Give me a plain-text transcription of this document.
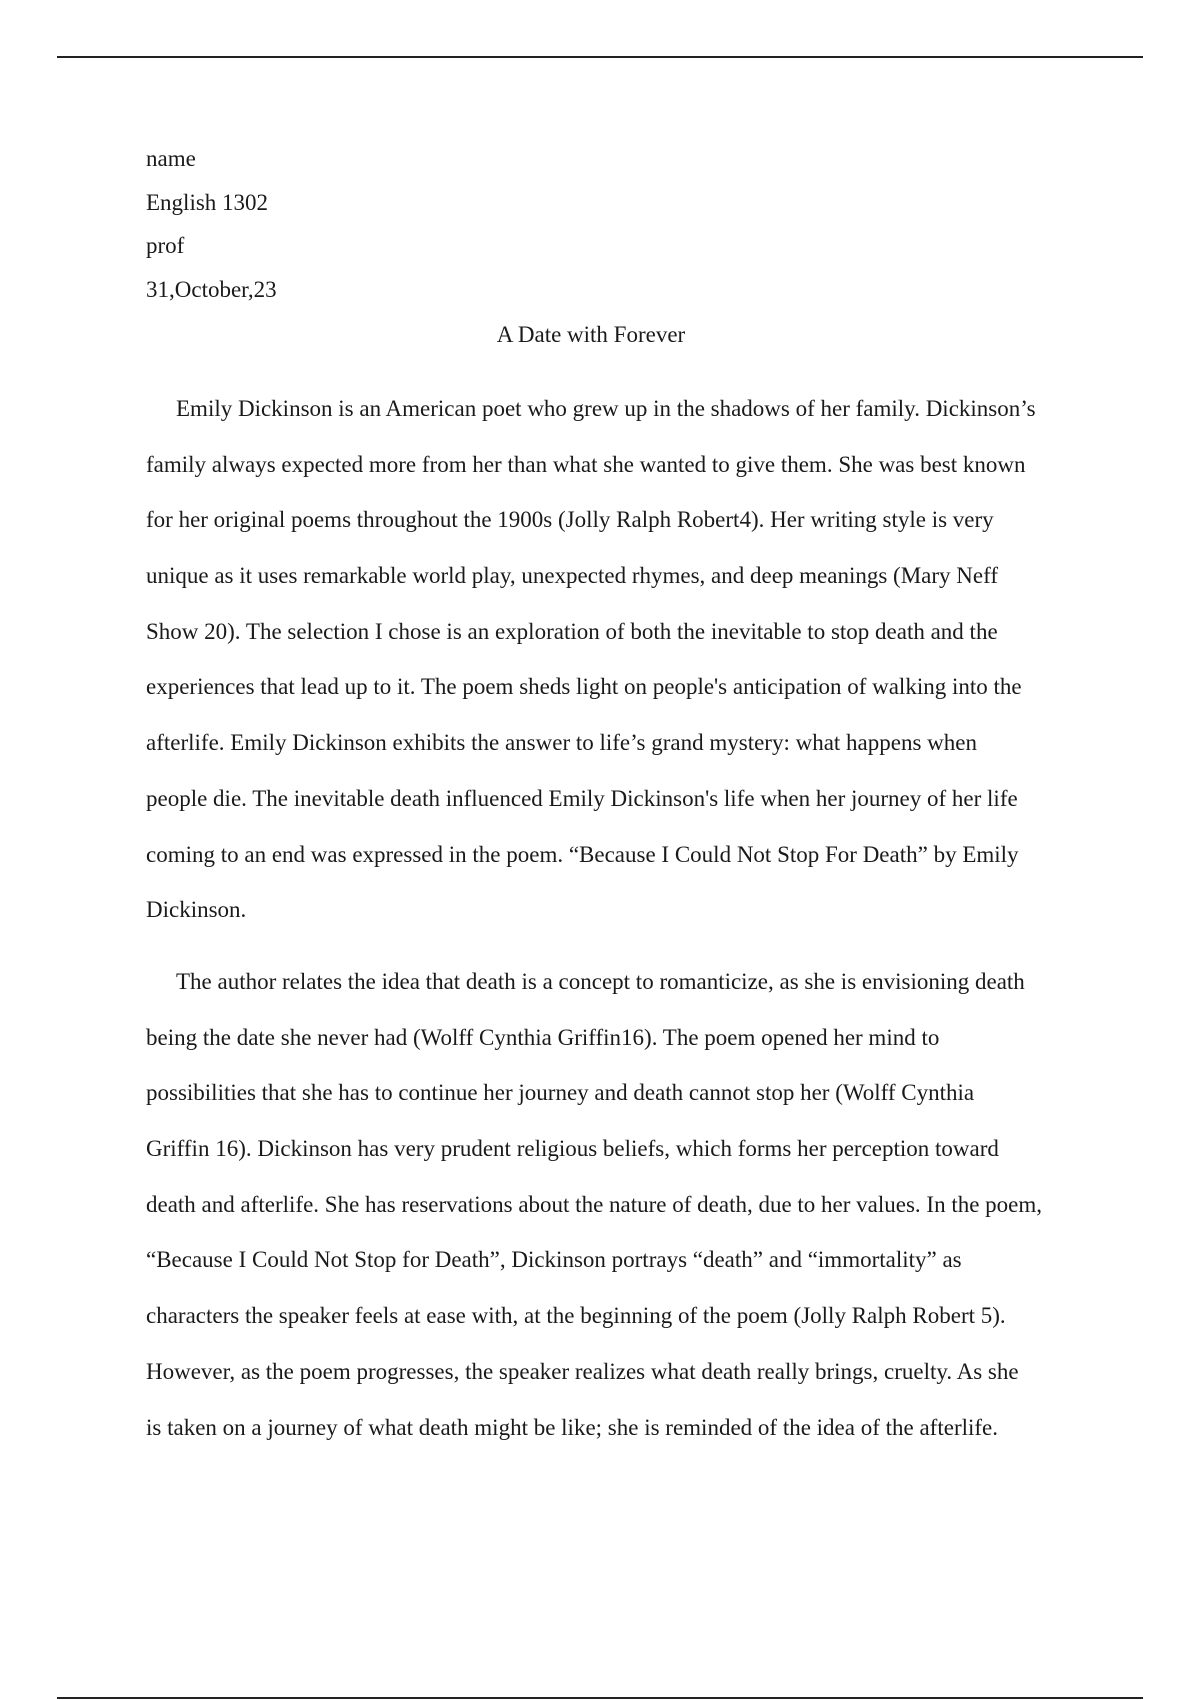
name
English 1302
prof
31,October,23
A Date with Forever
Emily Dickinson is an American poet who grew up in the shadows of her family. Dickinson’s
family always expected more from her than what she wanted to give them. She was best known
for her original poems throughout the 1900s (Jolly Ralph Robert4). Her writing style is very
unique as it uses remarkable world play, unexpected rhymes, and deep meanings (Mary Neff
Show 20). The selection I chose is an exploration of both the inevitable to stop death and the
experiences that lead up to it. The poem sheds light on people's anticipation of walking into the
afterlife. Emily Dickinson exhibits the answer to life’s grand mystery: what happens when
people die. The inevitable death influenced Emily Dickinson's life when her journey of her life
coming to an end was expressed in the poem. “Because I Could Not Stop For Death” by Emily
Dickinson.
The author relates the idea that death is a concept to romanticize, as she is envisioning death
being the date she never had (Wolff Cynthia Griffin16). The poem opened her mind to
possibilities that she has to continue her journey and death cannot stop her (Wolff Cynthia
Griffin 16). Dickinson has very prudent religious beliefs, which forms her perception toward
death and afterlife. She has reservations about the nature of death, due to her values. In the poem,
“Because I Could Not Stop for Death”, Dickinson portrays “death” and “immortality” as
characters the speaker feels at ease with, at the beginning of the poem (Jolly Ralph Robert 5).
However, as the poem progresses, the speaker realizes what death really brings, cruelty. As she
is taken on a journey of what death might be like; she is reminded of the idea of the afterlife.
